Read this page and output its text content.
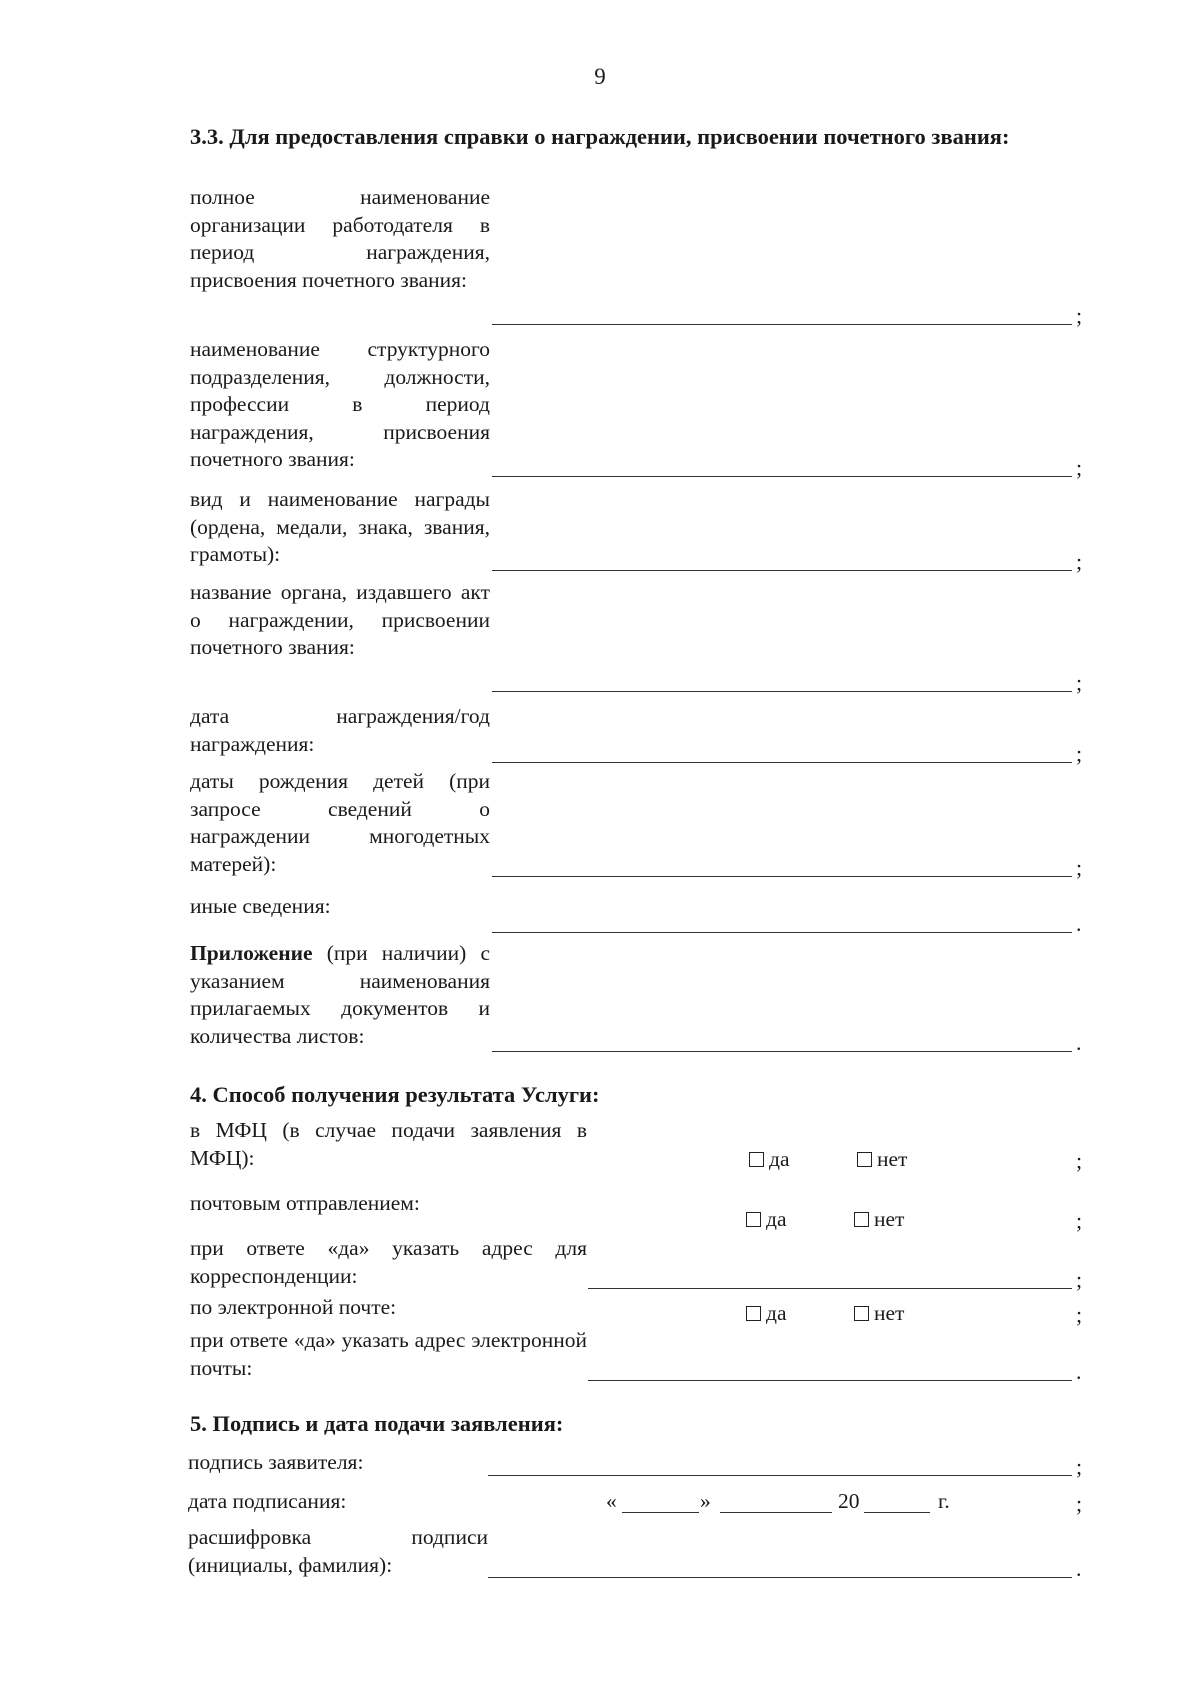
9
3.3. Для предоставления справки о награждении, присвоении почетного звания:
полное наименование организации работодателя в период награждения, присвоения почетного звания:
;
наименование структурного подразделения, должности, профессии в период награждения, присвоения почетного звания:	;
вид и наименование награды (ордена, медали, знака, звания, грамоты):	;
название органа, издавшего акт о награждении, присвоении почетного звания:
;
дата награждения/год награждения:	;
даты рождения детей (при запросе сведений о награждении многодетных матерей):	;
иные сведения:
.
Приложение (при наличии) с указанием наименования прилагаемых документов и количества листов:	.
4. Способ получения результата Услуги:
в МФЦ (в случае подачи заявления в МФЦ):	да	нет	;
почтовым отправлением:
да	нет	;
при ответе «да» указать адрес для корреспонденции:	;
по электронной почте:	да	нет	;
при ответе «да» указать адрес электронной почты:	.
5. Подпись и дата подачи заявления:
подпись заявителя:	;
дата подписания:	«	»	20	г.	;
расшифровка подписи (инициалы, фамилия):	.
